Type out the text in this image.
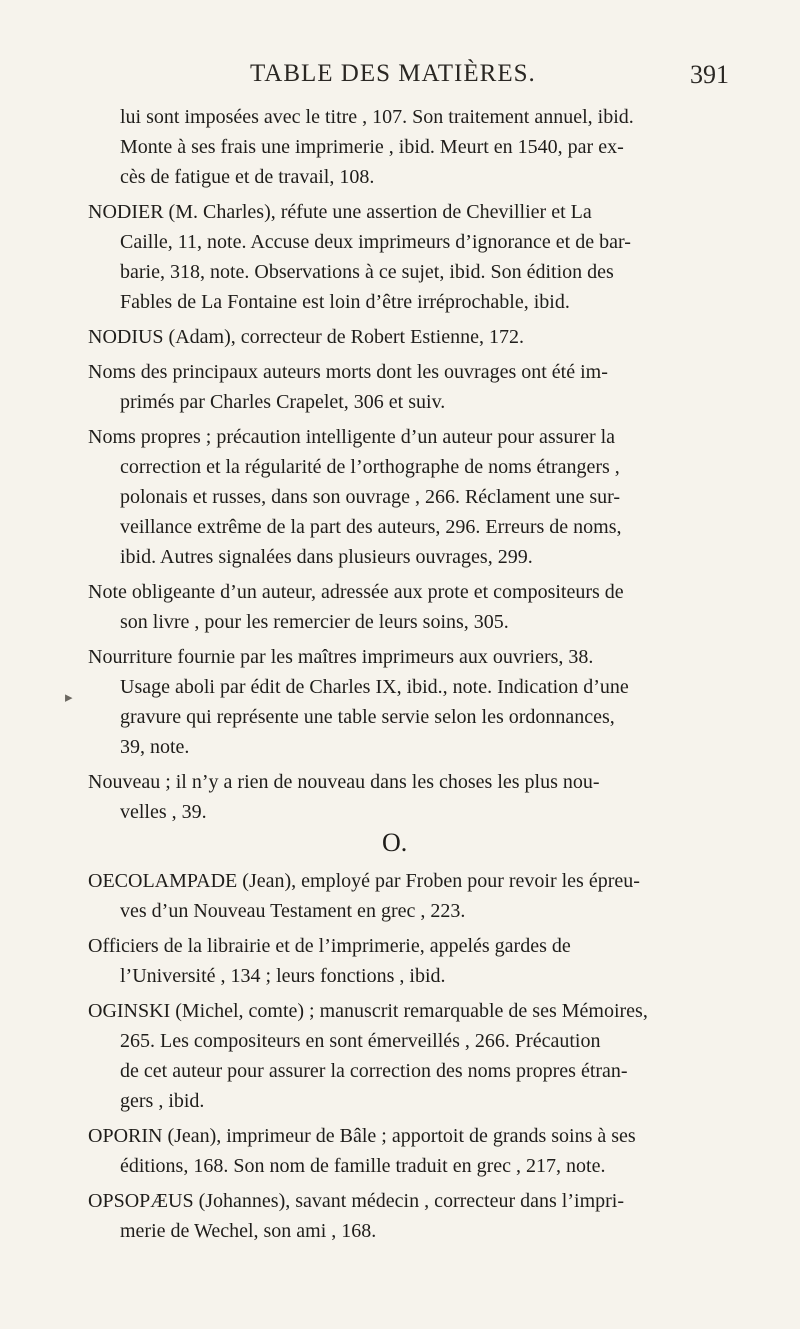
TABLE DES MATIÈRES.	391
▸
lui sont imposées avec le titre , 107. Son traitement annuel, ibid.
Monte à ses frais une imprimerie , ibid. Meurt en 1540, par ex-
cès de fatigue et de travail, 108.
NODIER (M. Charles), réfute une assertion de Chevillier et La
Caille, 11, note. Accuse deux imprimeurs d’ignorance et de bar-
barie, 318, note. Observations à ce sujet, ibid. Son édition des
Fables de La Fontaine est loin d’être irréprochable, ibid.
NODIUS (Adam), correcteur de Robert Estienne, 172.
Noms des principaux auteurs morts dont les ouvrages ont été im-
primés par Charles Crapelet, 306 et suiv.
Noms propres ; précaution intelligente d’un auteur pour assurer la
correction et la régularité de l’orthographe de noms étrangers ,
polonais et russes, dans son ouvrage , 266. Réclament une sur-
veillance extrême de la part des auteurs, 296. Erreurs de noms,
ibid. Autres signalées dans plusieurs ouvrages, 299.
Note obligeante d’un auteur, adressée aux prote et compositeurs de
son livre , pour les remercier de leurs soins, 305.
Nourriture fournie par les maîtres imprimeurs aux ouvriers, 38.
Usage aboli par édit de Charles IX, ibid., note. Indication d’une
gravure qui représente une table servie selon les ordonnances,
39, note.
Nouveau ; il n’y a rien de nouveau dans les choses les plus nou-
velles , 39.
OECOLAMPADE (Jean), employé par Froben pour revoir les épreu-
ves d’un Nouveau Testament en grec , 223.
Officiers de la librairie et de l’imprimerie, appelés gardes de
l’Université , 134 ; leurs fonctions , ibid.
OGINSKI (Michel, comte) ; manuscrit remarquable de ses Mémoires,
265. Les compositeurs en sont émerveillés , 266. Précaution
de cet auteur pour assurer la correction des noms propres étran-
gers , ibid.
OPORIN (Jean), imprimeur de Bâle ; apportoit de grands soins à ses
éditions, 168. Son nom de famille traduit en grec , 217, note.
O.
OPSOPÆUS (Johannes), savant médecin , correcteur dans l’impri-
merie de Wechel, son ami , 168.
